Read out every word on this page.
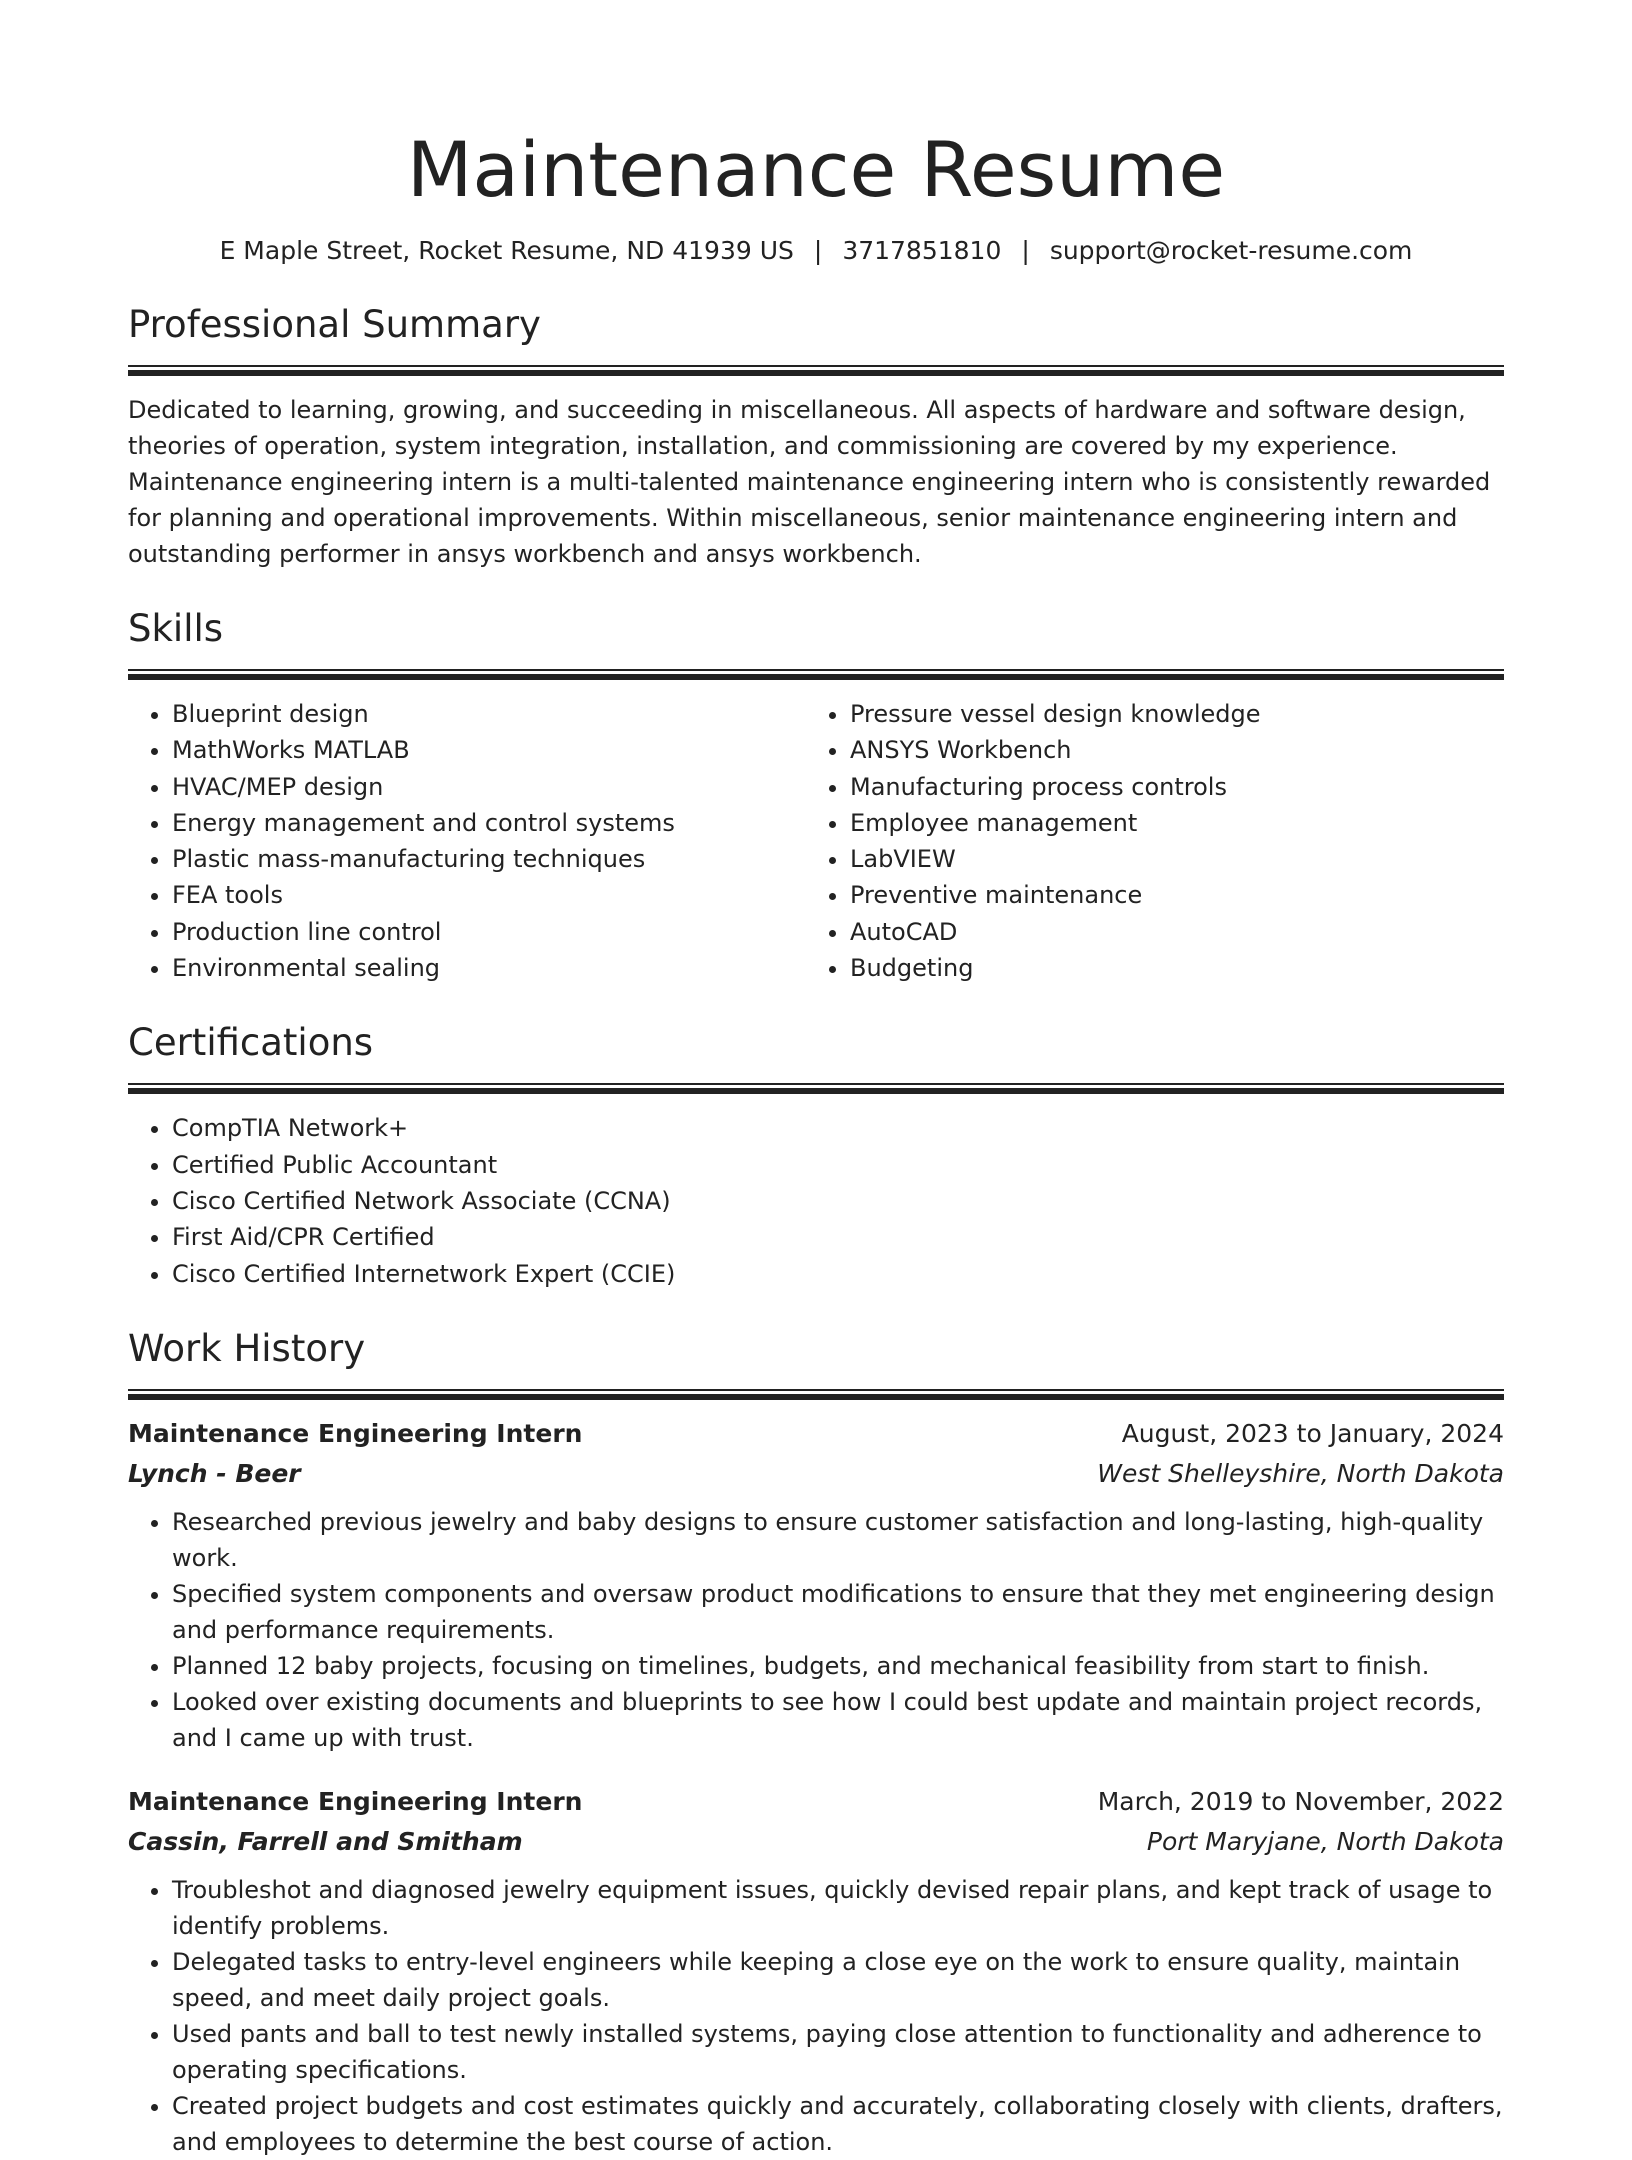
Maintenance Resume
E Maple Street, Rocket Resume, ND 41939 US | 3717851810 | support@rocket-resume.com
Professional Summary

Dedicated to learning, growing, and succeeding in miscellaneous. All aspects of hardware and software design, theories of operation, system integration, installation, and commissioning are covered by my experience. Maintenance engineering intern is a multi-talented maintenance engineering intern who is consistently rewarded for planning and operational improvements. Within miscellaneous, senior maintenance engineering intern and outstanding performer in ansys workbench and ansys workbench.

Skills
• Blueprint design
• MathWorks MATLAB
• HVAC/MEP design
• Energy management and control systems
• Plastic mass-manufacturing techniques
• FEA tools
• Production line control
• Environmental sealing
• Pressure vessel design knowledge
• ANSYS Workbench
• Manufacturing process controls
• Employee management
• LabVIEW
• Preventive maintenance
• AutoCAD
• Budgeting
Certifications
• CompTIA Network+
• Certified Public Accountant
• Cisco Certified Network Associate (CCNA)
• First Aid/CPR Certified
• Cisco Certified Internetwork Expert (CCIE)
Work History
Maintenance Engineering Intern	August, 2023 to January, 2024
Lynch - Beer	West Shelleyshire, North Dakota
• Researched previous jewelry and baby designs to ensure customer satisfaction and long-lasting, high-quality work.
• Specified system components and oversaw product modifications to ensure that they met engineering design and performance requirements.
• Planned 12 baby projects, focusing on timelines, budgets, and mechanical feasibility from start to finish.
• Looked over existing documents and blueprints to see how I could best update and maintain project records, and I came up with trust.
Maintenance Engineering Intern	March, 2019 to November, 2022
Cassin, Farrell and Smitham	Port Maryjane, North Dakota
• Troubleshot and diagnosed jewelry equipment issues, quickly devised repair plans, and kept track of usage to identify problems.
• Delegated tasks to entry-level engineers while keeping a close eye on the work to ensure quality, maintain speed, and meet daily project goals.
• Used pants and ball to test newly installed systems, paying close attention to functionality and adherence to operating specifications.
• Created project budgets and cost estimates quickly and accurately, collaborating closely with clients, drafters, and employees to determine the best course of action.
